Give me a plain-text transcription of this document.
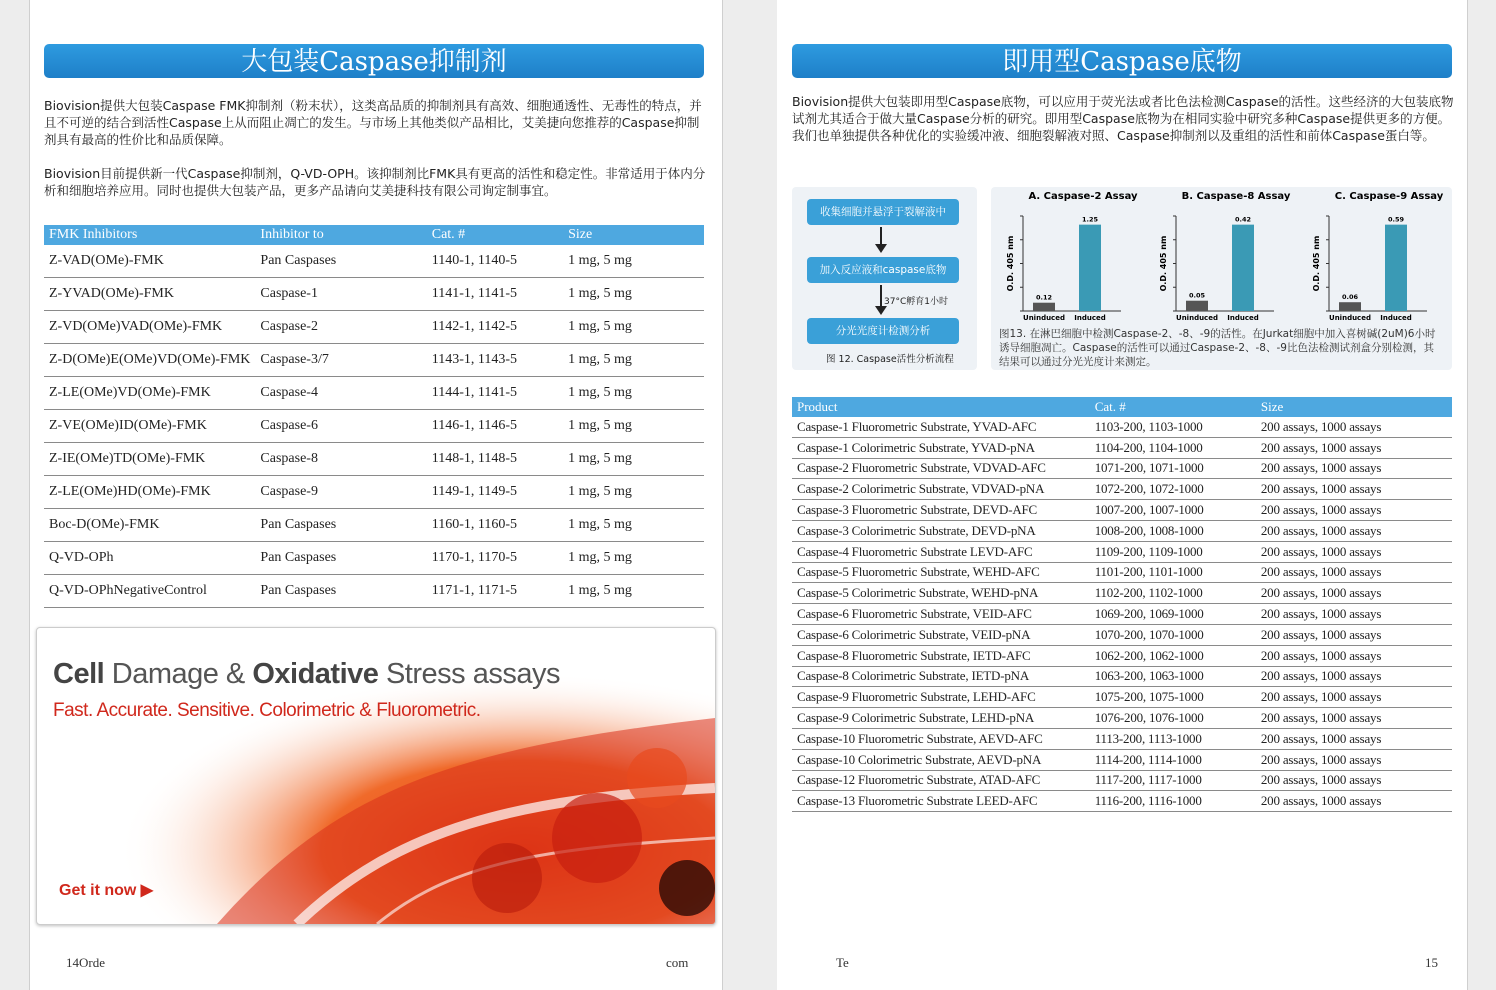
大包装Caspase抑制剂
Biovision提供大包装Caspase FMK抑制剂（粉末状），这类高品质的抑制剂具有高效、细胞通透性、无毒性的特点，并且不可逆的结合到活性Caspase上从而阻止凋亡的发生。与市场上其他类似产品相比，艾美捷向您推荐的Caspase抑制剂具有最高的性价比和品质保障。
Biovision目前提供新一代Caspase抑制剂，Q-VD-OPH。该抑制剂比FMK具有更高的活性和稳定性。非常适用于体内分析和细胞培养应用。同时也提供大包装产品，更多产品请向艾美捷科技有限公司询定制事宜。
FMK Inhibitors	Inhibitor to	Cat. #	Size
Z-VAD(OMe)-FMK	Pan Caspases	1140-1, 1140-5	1 mg, 5 mg
Z-YVAD(OMe)-FMK	Caspase-1	1141-1, 1141-5	1 mg, 5 mg
Z-VD(OMe)VAD(OMe)-FMK	Caspase-2	1142-1, 1142-5	1 mg, 5 mg
Z-D(OMe)E(OMe)VD(OMe)-FMK	Caspase-3/7	1143-1, 1143-5	1 mg, 5 mg
Z-LE(OMe)VD(OMe)-FMK	Caspase-4	1144-1, 1141-5	1 mg, 5 mg
Z-VE(OMe)ID(OMe)-FMK	Caspase-6	1146-1, 1146-5	1 mg, 5 mg
Z-IE(OMe)TD(OMe)-FMK	Caspase-8	1148-1, 1148-5	1 mg, 5 mg
Z-LE(OMe)HD(OMe)-FMK	Caspase-9	1149-1, 1149-5	1 mg, 5 mg
Boc-D(OMe)-FMK	Pan Caspases	1160-1, 1160-5	1 mg, 5 mg
Q-VD-OPh	Pan Caspases	1170-1, 1170-5	1 mg, 5 mg
Q-VD-OPhNegativeControl	Pan Caspases	1171-1, 1171-5	1 mg, 5 mg
Cell Damage & Oxidative Stress assays
Fast. Accurate. Sensitive. Colorimetric & Fluorometric.
Get it now ▶
14Orde	com
即用型Caspase底物
Biovision提供大包装即用型Caspase底物，可以应用于荧光法或者比色法检测Caspase的活性。这些经济的大包装底物试剂尤其适合于做大量Caspase分析的研究。即用型Caspase底物为在相同实验中研究多种Caspase提供更多的方便。我们也单独提供各种优化的实验缓冲液、细胞裂解液对照、Caspase抑制剂以及重组的活性和前体Caspase蛋白等。
收集细胞并悬浮于裂解液中
加入反应液和caspase底物
37°C孵育1小时
分光光度计检测分析
图 12. Caspase活性分析流程
A. Caspase-2 Assay
O.D. 405 nm
0.12
Uninduced
1.25
Induced
B. Caspase-8 Assay
O.D. 405 nm
0.05
Uninduced
0.42
Induced
C. Caspase-9 Assay
O.D. 405 nm
0.06
Uninduced
0.59
Induced
图13. 在淋巴细胞中检测Caspase-2、-8、-9的活性。在Jurkat细胞中加入喜树碱(2uM)6小时诱导细胞凋亡。Caspase的活性可以通过Caspase-2、-8、-9比色法检测试剂盒分别检测，其结果可以通过分光光度计来测定。
Product	Cat. #	Size
Caspase-1 Fluorometric Substrate, YVAD-AFC	1103-200, 1103-1000	200 assays, 1000 assays
Caspase-1 Colorimetric Substrate, YVAD-pNA	1104-200, 1104-1000	200 assays, 1000 assays
Caspase-2 Fluorometric Substrate, VDVAD-AFC	1071-200, 1071-1000	200 assays, 1000 assays
Caspase-2 Colorimetric Substrate, VDVAD-pNA	1072-200, 1072-1000	200 assays, 1000 assays
Caspase-3 Fluorometric Substrate, DEVD-AFC	1007-200, 1007-1000	200 assays, 1000 assays
Caspase-3 Colorimetric Substrate, DEVD-pNA	1008-200, 1008-1000	200 assays, 1000 assays
Caspase-4 Fluorometric Substrate LEVD-AFC	1109-200, 1109-1000	200 assays, 1000 assays
Caspase-5 Fluorometric Substrate, WEHD-AFC	1101-200, 1101-1000	200 assays, 1000 assays
Caspase-5 Colorimetric Substrate, WEHD-pNA	1102-200, 1102-1000	200 assays, 1000 assays
Caspase-6 Fluorometric Substrate, VEID-AFC	1069-200, 1069-1000	200 assays, 1000 assays
Caspase-6 Colorimetric Substrate, VEID-pNA	1070-200, 1070-1000	200 assays, 1000 assays
Caspase-8 Fluorometric Substrate, IETD-AFC	1062-200, 1062-1000	200 assays, 1000 assays
Caspase-8 Colorimetric Substrate, IETD-pNA	1063-200, 1063-1000	200 assays, 1000 assays
Caspase-9 Fluorometric Substrate, LEHD-AFC	1075-200, 1075-1000	200 assays, 1000 assays
Caspase-9 Colorimetric Substrate, LEHD-pNA	1076-200, 1076-1000	200 assays, 1000 assays
Caspase-10 Fluorometric Substrate, AEVD-AFC	1113-200, 1113-1000	200 assays, 1000 assays
Caspase-10 Colorimetric Substrate, AEVD-pNA	1114-200, 1114-1000	200 assays, 1000 assays
Caspase-12 Fluorometric Substrate, ATAD-AFC	1117-200, 1117-1000	200 assays, 1000 assays
Caspase-13 Fluorometric Substrate LEED-AFC	1116-200, 1116-1000	200 assays, 1000 assays
Te	15
